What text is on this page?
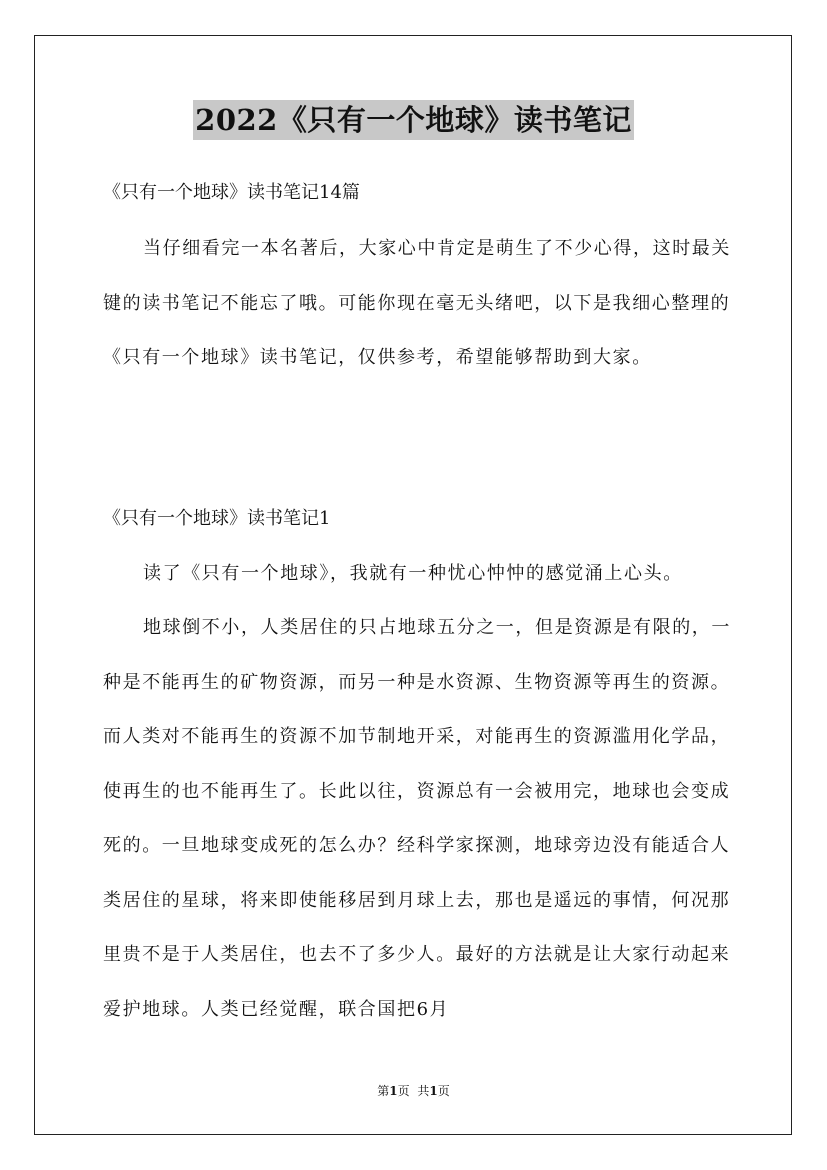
2022《只有一个地球》读书笔记
《只有一个地球》读书笔记14篇

当仔细看完一本名著后，大家心中肯定是萌生了不少心得，这时最关键的读书笔记不能忘了哦。可能你现在毫无头绪吧，以下是我细心整理的《只有一个地球》读书笔记，仅供参考，希望能够帮助到大家。

《只有一个地球》读书笔记1

读了《只有一个地球》，我就有一种忧心忡忡的感觉涌上心头。

地球倒不小，人类居住的只占地球五分之一，但是资源是有限的，一种是不能再生的矿物资源，而另一种是水资源、生物资源等再生的资源。而人类对不能再生的资源不加节制地开采，对能再生的资源滥用化学品，使再生的也不能再生了。长此以往，资源总有一会被用完，地球也会变成死的。一旦地球变成死的怎么办？经科学家探测，地球旁边没有能适合人类居住的星球，将来即使能移居到月球上去，那也是遥远的事情，何况那里贵不是于人类居住，也去不了多少人。最好的方法就是让大家行动起来爱护地球。人类已经觉醒，联合国把6月

第1页 共1页
